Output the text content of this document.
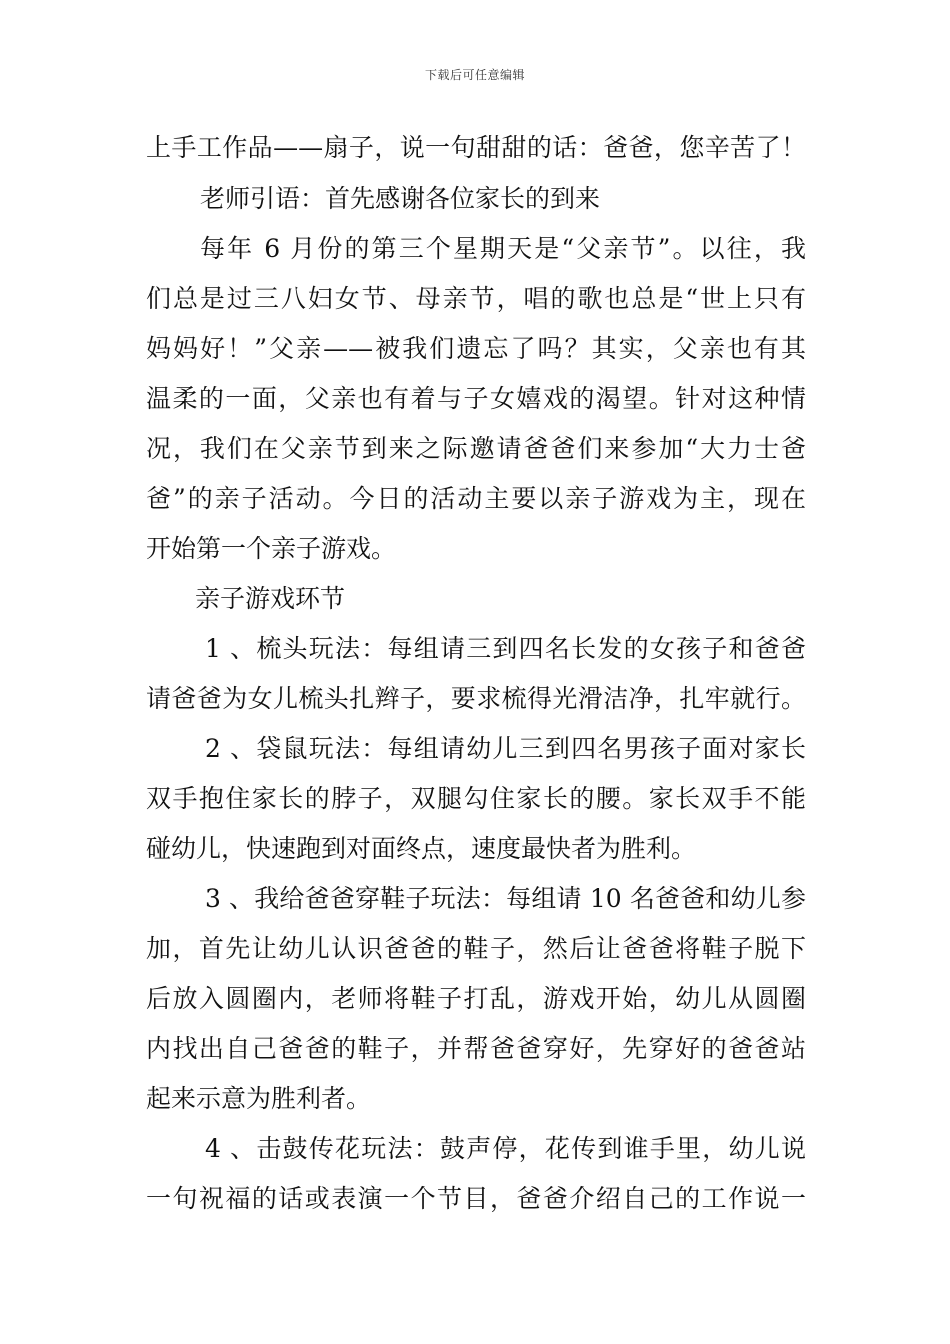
下载后可任意编辑
上手工作品——扇子，说一句甜甜的话：爸爸，您辛苦了！
老师引语：首先感谢各位家长的到来
每年 6 月份的第三个星期天是“父亲节”。以往，我
们总是过三八妇女节、母亲节，唱的歌也总是“世上只有
妈妈好！”父亲——被我们遗忘了吗？其实，父亲也有其
温柔的一面，父亲也有着与子女嬉戏的渴望。针对这种情
况，我们在父亲节到来之际邀请爸爸们来参加“大力士爸
爸”的亲子活动。今日的活动主要以亲子游戏为主，现在
开始第一个亲子游戏。
亲子游戏环节
1 、梳头玩法：每组请三到四名长发的女孩子和爸爸
请爸爸为女儿梳头扎辫子，要求梳得光滑洁净，扎牢就行。
2 、袋鼠玩法：每组请幼儿三到四名男孩子面对家长
双手抱住家长的脖子，双腿勾住家长的腰。家长双手不能
碰幼儿，快速跑到对面终点，速度最快者为胜利。
3 、我给爸爸穿鞋子玩法：每组请 10 名爸爸和幼儿参
加，首先让幼儿认识爸爸的鞋子，然后让爸爸将鞋子脱下
后放入圆圈内，老师将鞋子打乱，游戏开始，幼儿从圆圈
内找出自己爸爸的鞋子，并帮爸爸穿好，先穿好的爸爸站
起来示意为胜利者。
4 、击鼓传花玩法：鼓声停，花传到谁手里，幼儿说
一句祝福的话或表演一个节目，爸爸介绍自己的工作说一
